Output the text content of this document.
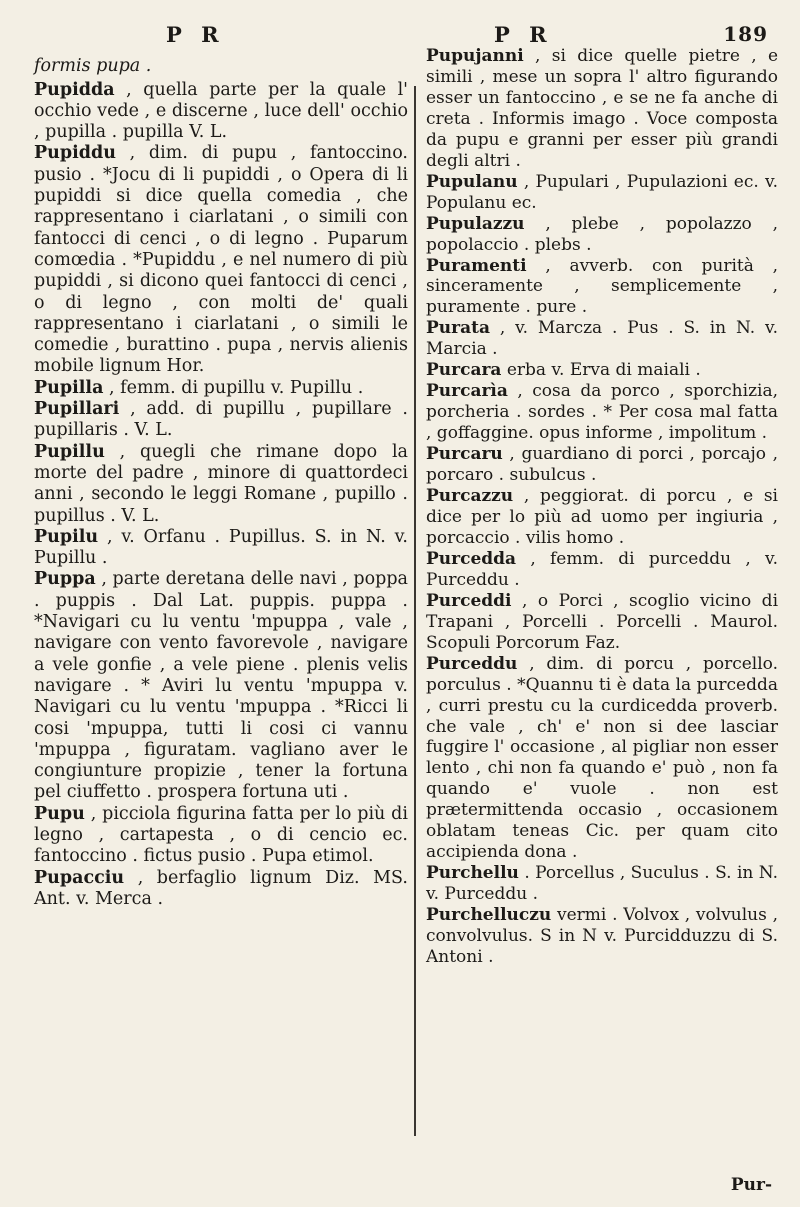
P R

formis pupa .

Pupidda , quella parte per la quale l' occhio vede , e discerne , luce dell' occhio , pupilla . pupilla V. L.

Pupiddu , dim. di pupu , fantoccino. pusio . *Jocu di li pupiddi , o Opera di li pupiddi si dice quella comedia , che rappresentano i ciarlatani , o simili con fantocci di cenci , o di legno . Puparum comœdia . *Pupiddu , e nel numero di più pupiddi , si dicono quei fantocci di cenci , o di legno , con molti de' quali rappresentano i ciarlatani , o simili le comedie , burattino . pupa , nervis alienis mobile lignum Hor.

Pupilla , femm. di pupillu v. Pupillu .

Pupillari , add. di pupillu , pupillare . pupillaris . V. L.

Pupillu , quegli che rimane dopo la morte del padre , minore di quattordeci anni , secondo le leggi Romane , pupillo . pupillus . V. L.

Pupilu , v. Orfanu . Pupillus. S. in N. v. Pupillu .

Puppa , parte deretana delle navi , poppa . puppis . Dal Lat. puppis. puppa . *Navigari cu lu ventu 'mpuppa , vale , navigare con vento favorevole , navigare a vele gonfie , a vele piene . plenis velis navigare . * Aviri lu ventu 'mpuppa v. Navigari cu lu ventu 'mpuppa . *Ricci li cosi 'mpuppa, tutti li cosi ci vannu 'mpuppa , figuratam. vagliano aver le congiunture propizie , tener la fortuna pel ciuffetto . prospera fortuna uti .

Pupu , picciola figurina fatta per lo più di legno , cartapesta , o di cencio ec. fantoccino . fictus pusio . Pupa etimol.

Pupacciu , berfaglio lignum Diz. MS. Ant. v. Merca .

P R	189

Pupujanni , si dice quelle pietre , e simili , mese un sopra l' altro figurando esser un fantoccino , e se ne fa anche di creta . Informis imago . Voce composta da pupu e granni per esser più grandi degli altri .

Pupulanu , Pupulari , Pupulazioni ec. v. Populanu ec.

Pupulazzu , plebe , popolazzo , popolaccio . plebs .

Puramenti , avverb. con purità , sinceramente , semplicemente , puramente . pure .

Purata , v. Marcza . Pus . S. in N. v. Marcia .

Purcara erba v. Erva di maiali .

Purcarìa , cosa da porco , sporchizia, porcheria . sordes . * Per cosa mal fatta , goffaggine. opus informe , impolitum .

Purcaru , guardiano di porci , porcajo , porcaro . subulcus .

Purcazzu , peggiorat. di porcu , e si dice per lo più ad uomo per ingiuria , porcaccio . vilis homo .

Purcedda , femm. di purceddu , v. Purceddu .

Purceddi , o Porci , scoglio vicino di Trapani , Porcelli . Porcelli . Maurol. Scopuli Porcorum Faz.

Purceddu , dim. di porcu , porcello. porculus . *Quannu ti è data la purcedda , curri prestu cu la curdicedda proverb. che vale , ch' e' non si dee lasciar fuggire l' occasione , al pigliar non esser lento , chi non fa quando e' può , non fa quando e' vuole . non est prætermittenda occasio , occasionem oblatam teneas Cic. per quam cito accipienda dona .

Purchellu . Porcellus , Suculus . S. in N. v. Purceddu .

Purchelluczu vermi . Volvox , volvulus , convolvulus. S in N v. Purcidduzzu di S. Antoni .

Pur-
